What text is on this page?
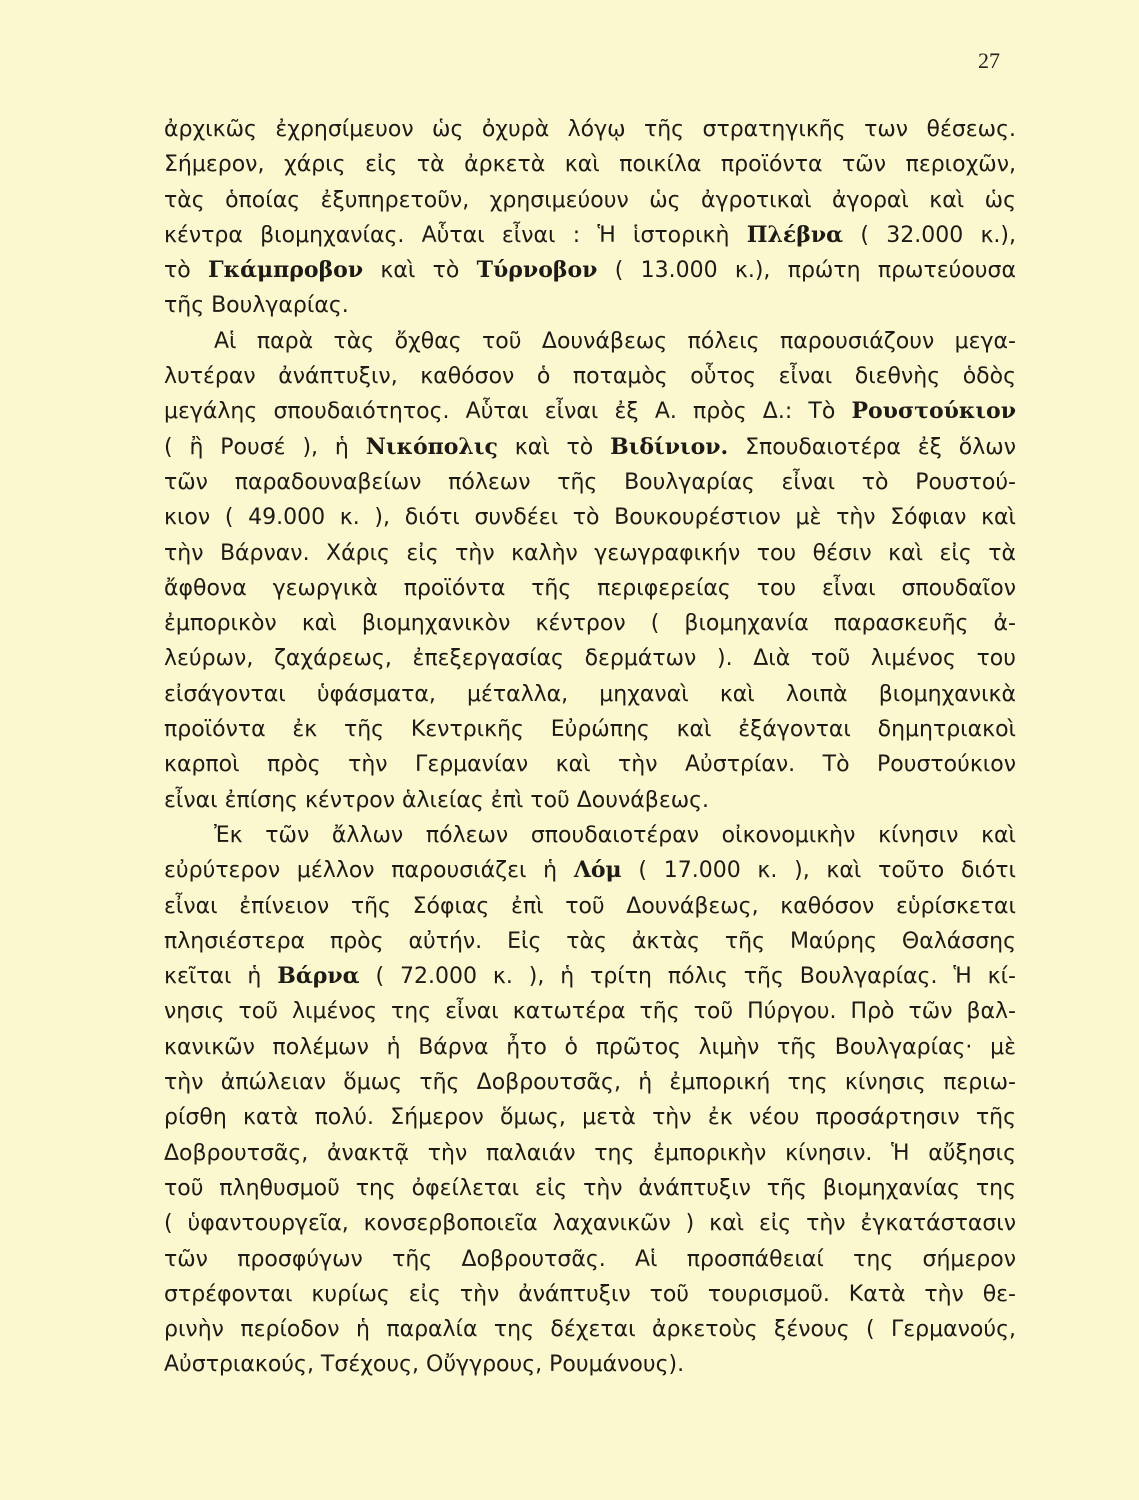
27
ἀρχικῶς ἐχρησίμευον ὡς ὀχυρὰ λόγῳ τῆς στρατηγικῆς των θέσεως.
Σήμερον, χάρις εἰς τὰ ἀρκετὰ καὶ ποικίλα προϊόντα τῶν περιοχῶν,
τὰς ὁποίας ἐξυπηρετοῦν, χρησιμεύουν ὡς ἀγροτικαὶ ἀγοραὶ καὶ ὡς
κέντρα βιομηχανίας. Αὗται εἶναι : Ἡ ἱστορικὴ Πλέβνα ( 32.000 κ.),
τὸ Γκάμπροβον καὶ τὸ Τύρνοβον ( 13.000 κ.), πρώτη πρωτεύουσα
τῆς Βουλγαρίας.
Αἱ παρὰ τὰς ὄχθας τοῦ Δουνάβεως πόλεις παρουσιάζουν μεγα-
λυτέραν ἀνάπτυξιν, καθόσον ὁ ποταμὸς οὗτος εἶναι διεθνὴς ὁδὸς
μεγάλης σπουδαιότητος. Αὗται εἶναι ἐξ Α. πρὸς Δ.: Τὸ Ρουστούκιον
( ἢ Ρουσέ ), ἡ Νικόπολις καὶ τὸ Βιδίνιον. Σπουδαιοτέρα ἐξ ὅλων
τῶν παραδουναβείων πόλεων τῆς Βουλγαρίας εἶναι τὸ Ρουστού-
κιον ( 49.000 κ. ), διότι συνδέει τὸ Βουκουρέστιον μὲ τὴν Σόφιαν καὶ
τὴν Βάρναν. Χάρις εἰς τὴν καλὴν γεωγραφικήν του θέσιν καὶ εἰς τὰ
ἄφθονα γεωργικὰ προϊόντα τῆς περιφερείας του εἶναι σπουδαῖον
ἐμπορικὸν καὶ βιομηχανικὸν κέντρον ( βιομηχανία παρασκευῆς ἀ-
λεύρων, ζαχάρεως, ἐπεξεργασίας δερμάτων ). Διὰ τοῦ λιμένος του
εἰσάγονται ὑφάσματα, μέταλλα, μηχαναὶ καὶ λοιπὰ βιομηχανικὰ
προϊόντα ἐκ τῆς Κεντρικῆς Εὐρώπης καὶ ἐξάγονται δημητριακοὶ
καρποὶ πρὸς τὴν Γερμανίαν καὶ τὴν Αὐστρίαν. Τὸ Ρουστούκιον
εἶναι ἐπίσης κέντρον ἁλιείας ἐπὶ τοῦ Δουνάβεως.
Ἐκ τῶν ἄλλων πόλεων σπουδαιοτέραν οἰκονομικὴν κίνησιν καὶ
εὐρύτερον μέλλον παρουσιάζει ἡ Λόμ ( 17.000 κ. ), καὶ τοῦτο διότι
εἶναι ἐπίνειον τῆς Σόφιας ἐπὶ τοῦ Δουνάβεως, καθόσον εὑρίσκεται
πλησιέστερα πρὸς αὐτήν. Εἰς τὰς ἀκτὰς τῆς Μαύρης Θαλάσσης
κεῖται ἡ Βάρνα ( 72.000 κ. ), ἡ τρίτη πόλις τῆς Βουλγαρίας. Ἡ κί-
νησις τοῦ λιμένος της εἶναι κατωτέρα τῆς τοῦ Πύργου. Πρὸ τῶν βαλ-
κανικῶν πολέμων ἡ Βάρνα ἦτο ὁ πρῶτος λιμὴν τῆς Βουλγαρίας· μὲ
τὴν ἀπώλειαν ὅμως τῆς Δοβρουτσᾶς, ἡ ἐμπορική της κίνησις περιω-
ρίσθη κατὰ πολύ. Σήμερον ὅμως, μετὰ τὴν ἐκ νέου προσάρτησιν τῆς
Δοβρουτσᾶς, ἀνακτᾷ τὴν παλαιάν της ἐμπορικὴν κίνησιν. Ἡ αὔξησις
τοῦ πληθυσμοῦ της ὀφείλεται εἰς τὴν ἀνάπτυξιν τῆς βιομηχανίας της
( ὑφαντουργεῖα, κονσερβοποιεῖα λαχανικῶν ) καὶ εἰς τὴν ἐγκατάστασιν
τῶν προσφύγων τῆς Δοβρουτσᾶς. Αἱ προσπάθειαί της σήμερον
στρέφονται κυρίως εἰς τὴν ἀνάπτυξιν τοῦ τουρισμοῦ. Κατὰ τὴν θε-
ρινὴν περίοδον ἡ παραλία της δέχεται ἀρκετοὺς ξένους ( Γερμανούς,
Αὐστριακούς, Τσέχους, Οὔγγρους, Ρουμάνους).
